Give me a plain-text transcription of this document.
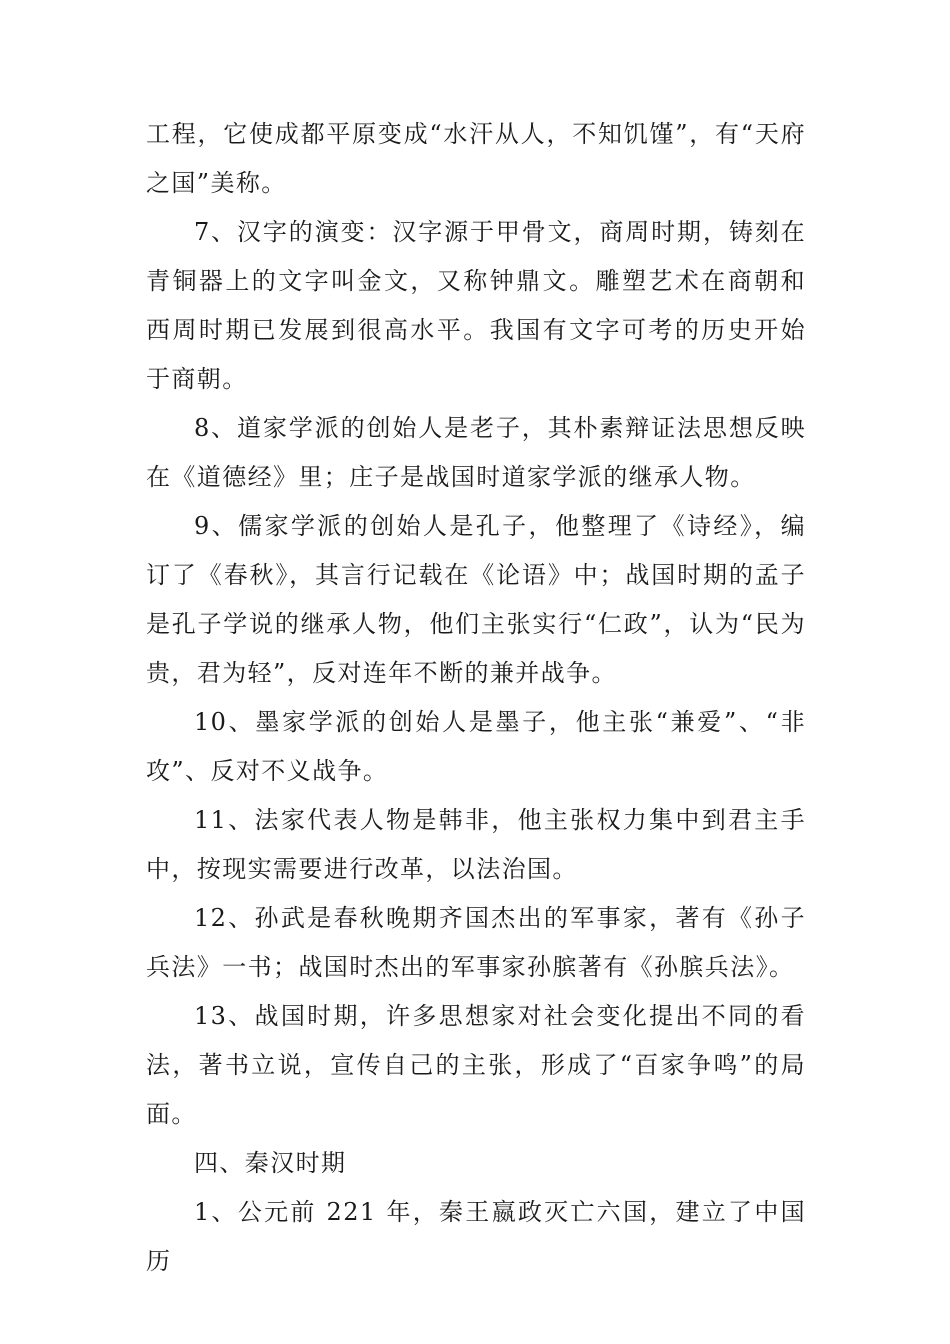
工程，它使成都平原变成“水汗从人，不知饥馑”，有“天府之国”美称。

7、汉字的演变：汉字源于甲骨文，商周时期，铸刻在青铜器上的文字叫金文，又称钟鼎文。雕塑艺术在商朝和西周时期已发展到很高水平。我国有文字可考的历史开始于商朝。

8、道家学派的创始人是老子，其朴素辩证法思想反映在《道德经》里；庄子是战国时道家学派的继承人物。

9、儒家学派的创始人是孔子，他整理了《诗经》，编订了《春秋》，其言行记载在《论语》中；战国时期的孟子是孔子学说的继承人物，他们主张实行“仁政”，认为“民为贵，君为轻”，反对连年不断的兼并战争。

10、墨家学派的创始人是墨子，他主张“兼爱”、“非攻”、反对不义战争。

11、法家代表人物是韩非，他主张权力集中到君主手中，按现实需要进行改革，以法治国。

12、孙武是春秋晚期齐国杰出的军事家，著有《孙子兵法》一书；战国时杰出的军事家孙膑著有《孙膑兵法》。

13、战国时期，许多思想家对社会变化提出不同的看法，著书立说，宣传自己的主张，形成了“百家争鸣”的局面。

四、秦汉时期

1、公元前 221 年，秦王嬴政灭亡六国，建立了中国历
